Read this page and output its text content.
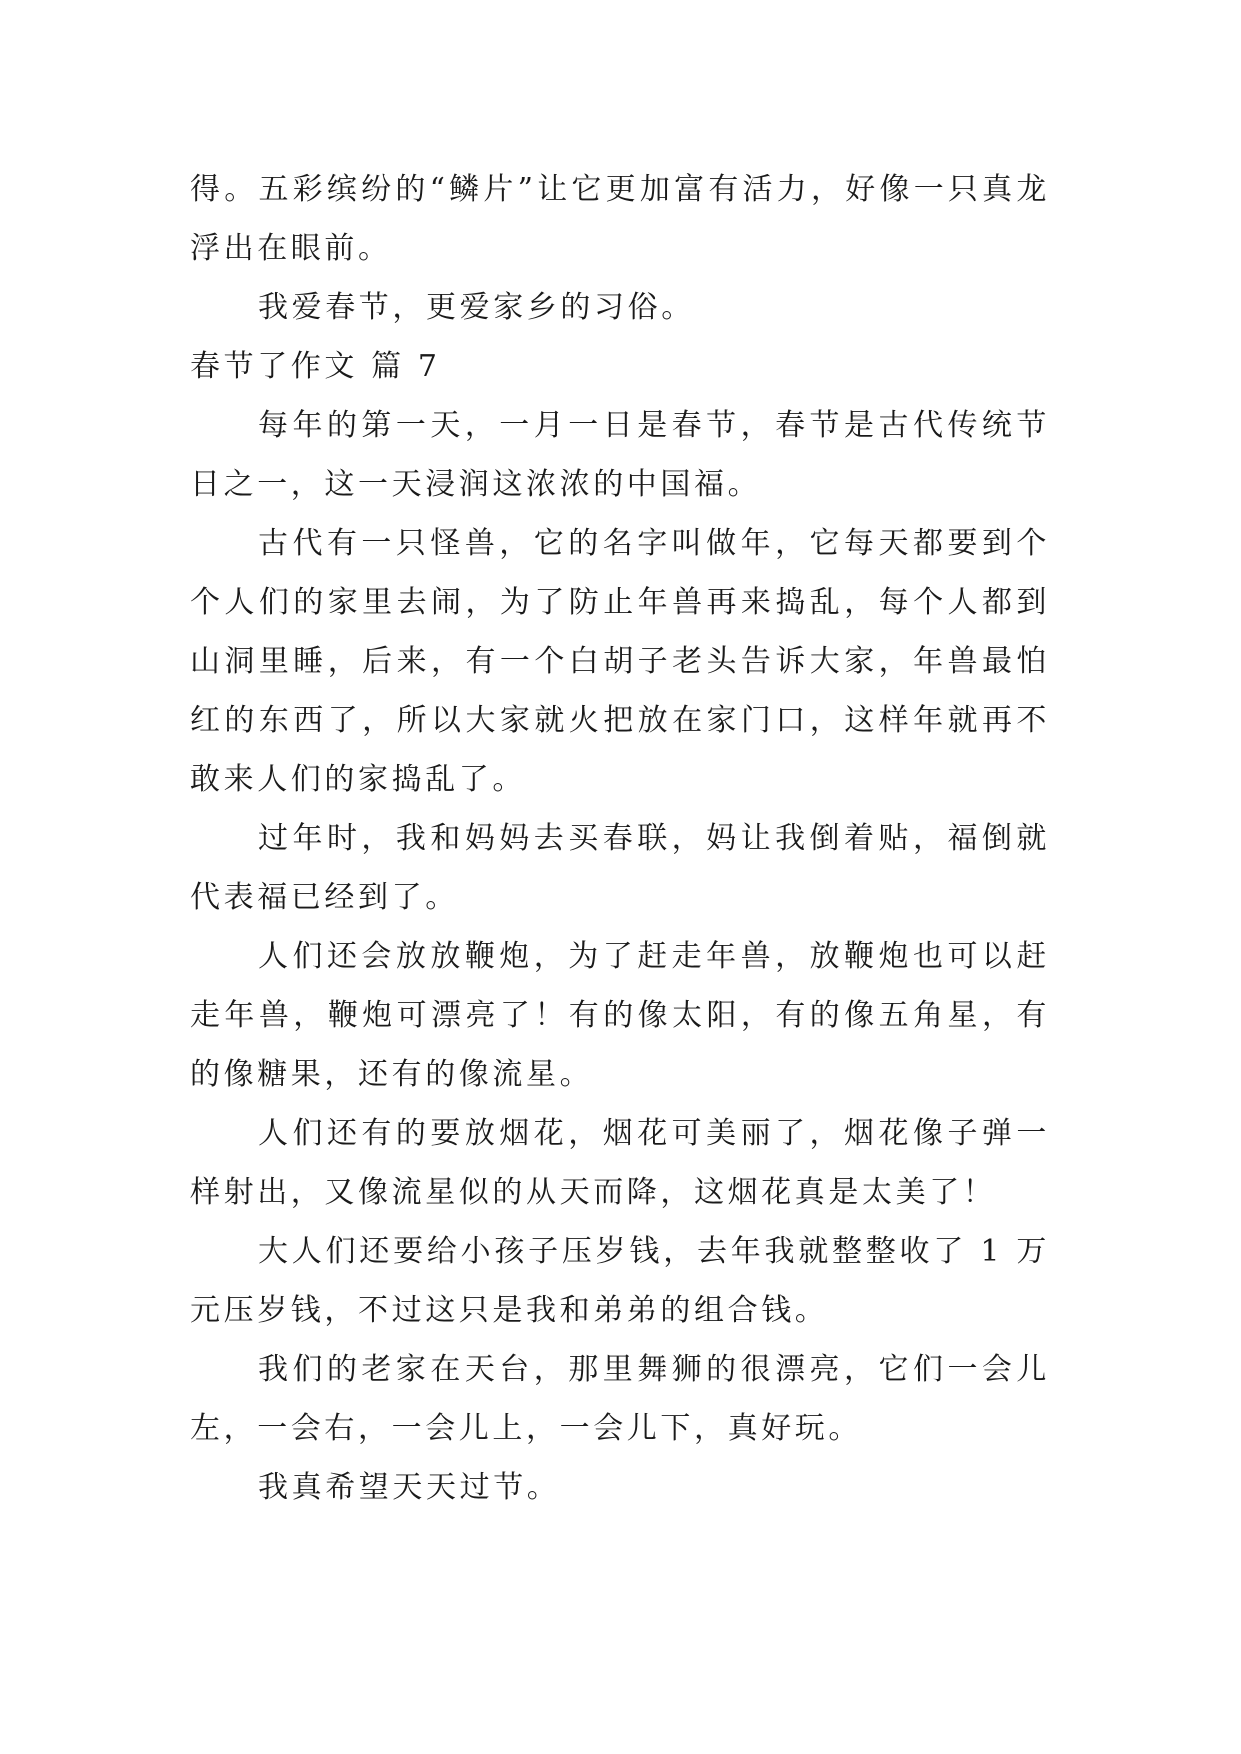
得。五彩缤纷的“鳞片”让它更加富有活力，好像一只真龙浮出在眼前。

我爱春节，更爱家乡的习俗。

春节了作文 篇 7

每年的第一天，一月一日是春节，春节是古代传统节日之一，这一天浸润这浓浓的中国福。

古代有一只怪兽，它的名字叫做年，它每天都要到个个人们的家里去闹，为了防止年兽再来捣乱，每个人都到山洞里睡，后来，有一个白胡子老头告诉大家，年兽最怕红的东西了，所以大家就火把放在家门口，这样年就再不敢来人们的家捣乱了。

过年时，我和妈妈去买春联，妈让我倒着贴，福倒就代表福已经到了。

人们还会放放鞭炮，为了赶走年兽，放鞭炮也可以赶走年兽，鞭炮可漂亮了！有的像太阳，有的像五角星，有的像糖果，还有的像流星。

人们还有的要放烟花，烟花可美丽了，烟花像子弹一样射出，又像流星似的从天而降，这烟花真是太美了！

大人们还要给小孩子压岁钱，去年我就整整收了 1 万元压岁钱，不过这只是我和弟弟的组合钱。

我们的老家在天台，那里舞狮的很漂亮，它们一会儿左，一会右，一会儿上，一会儿下，真好玩。

我真希望天天过节。
